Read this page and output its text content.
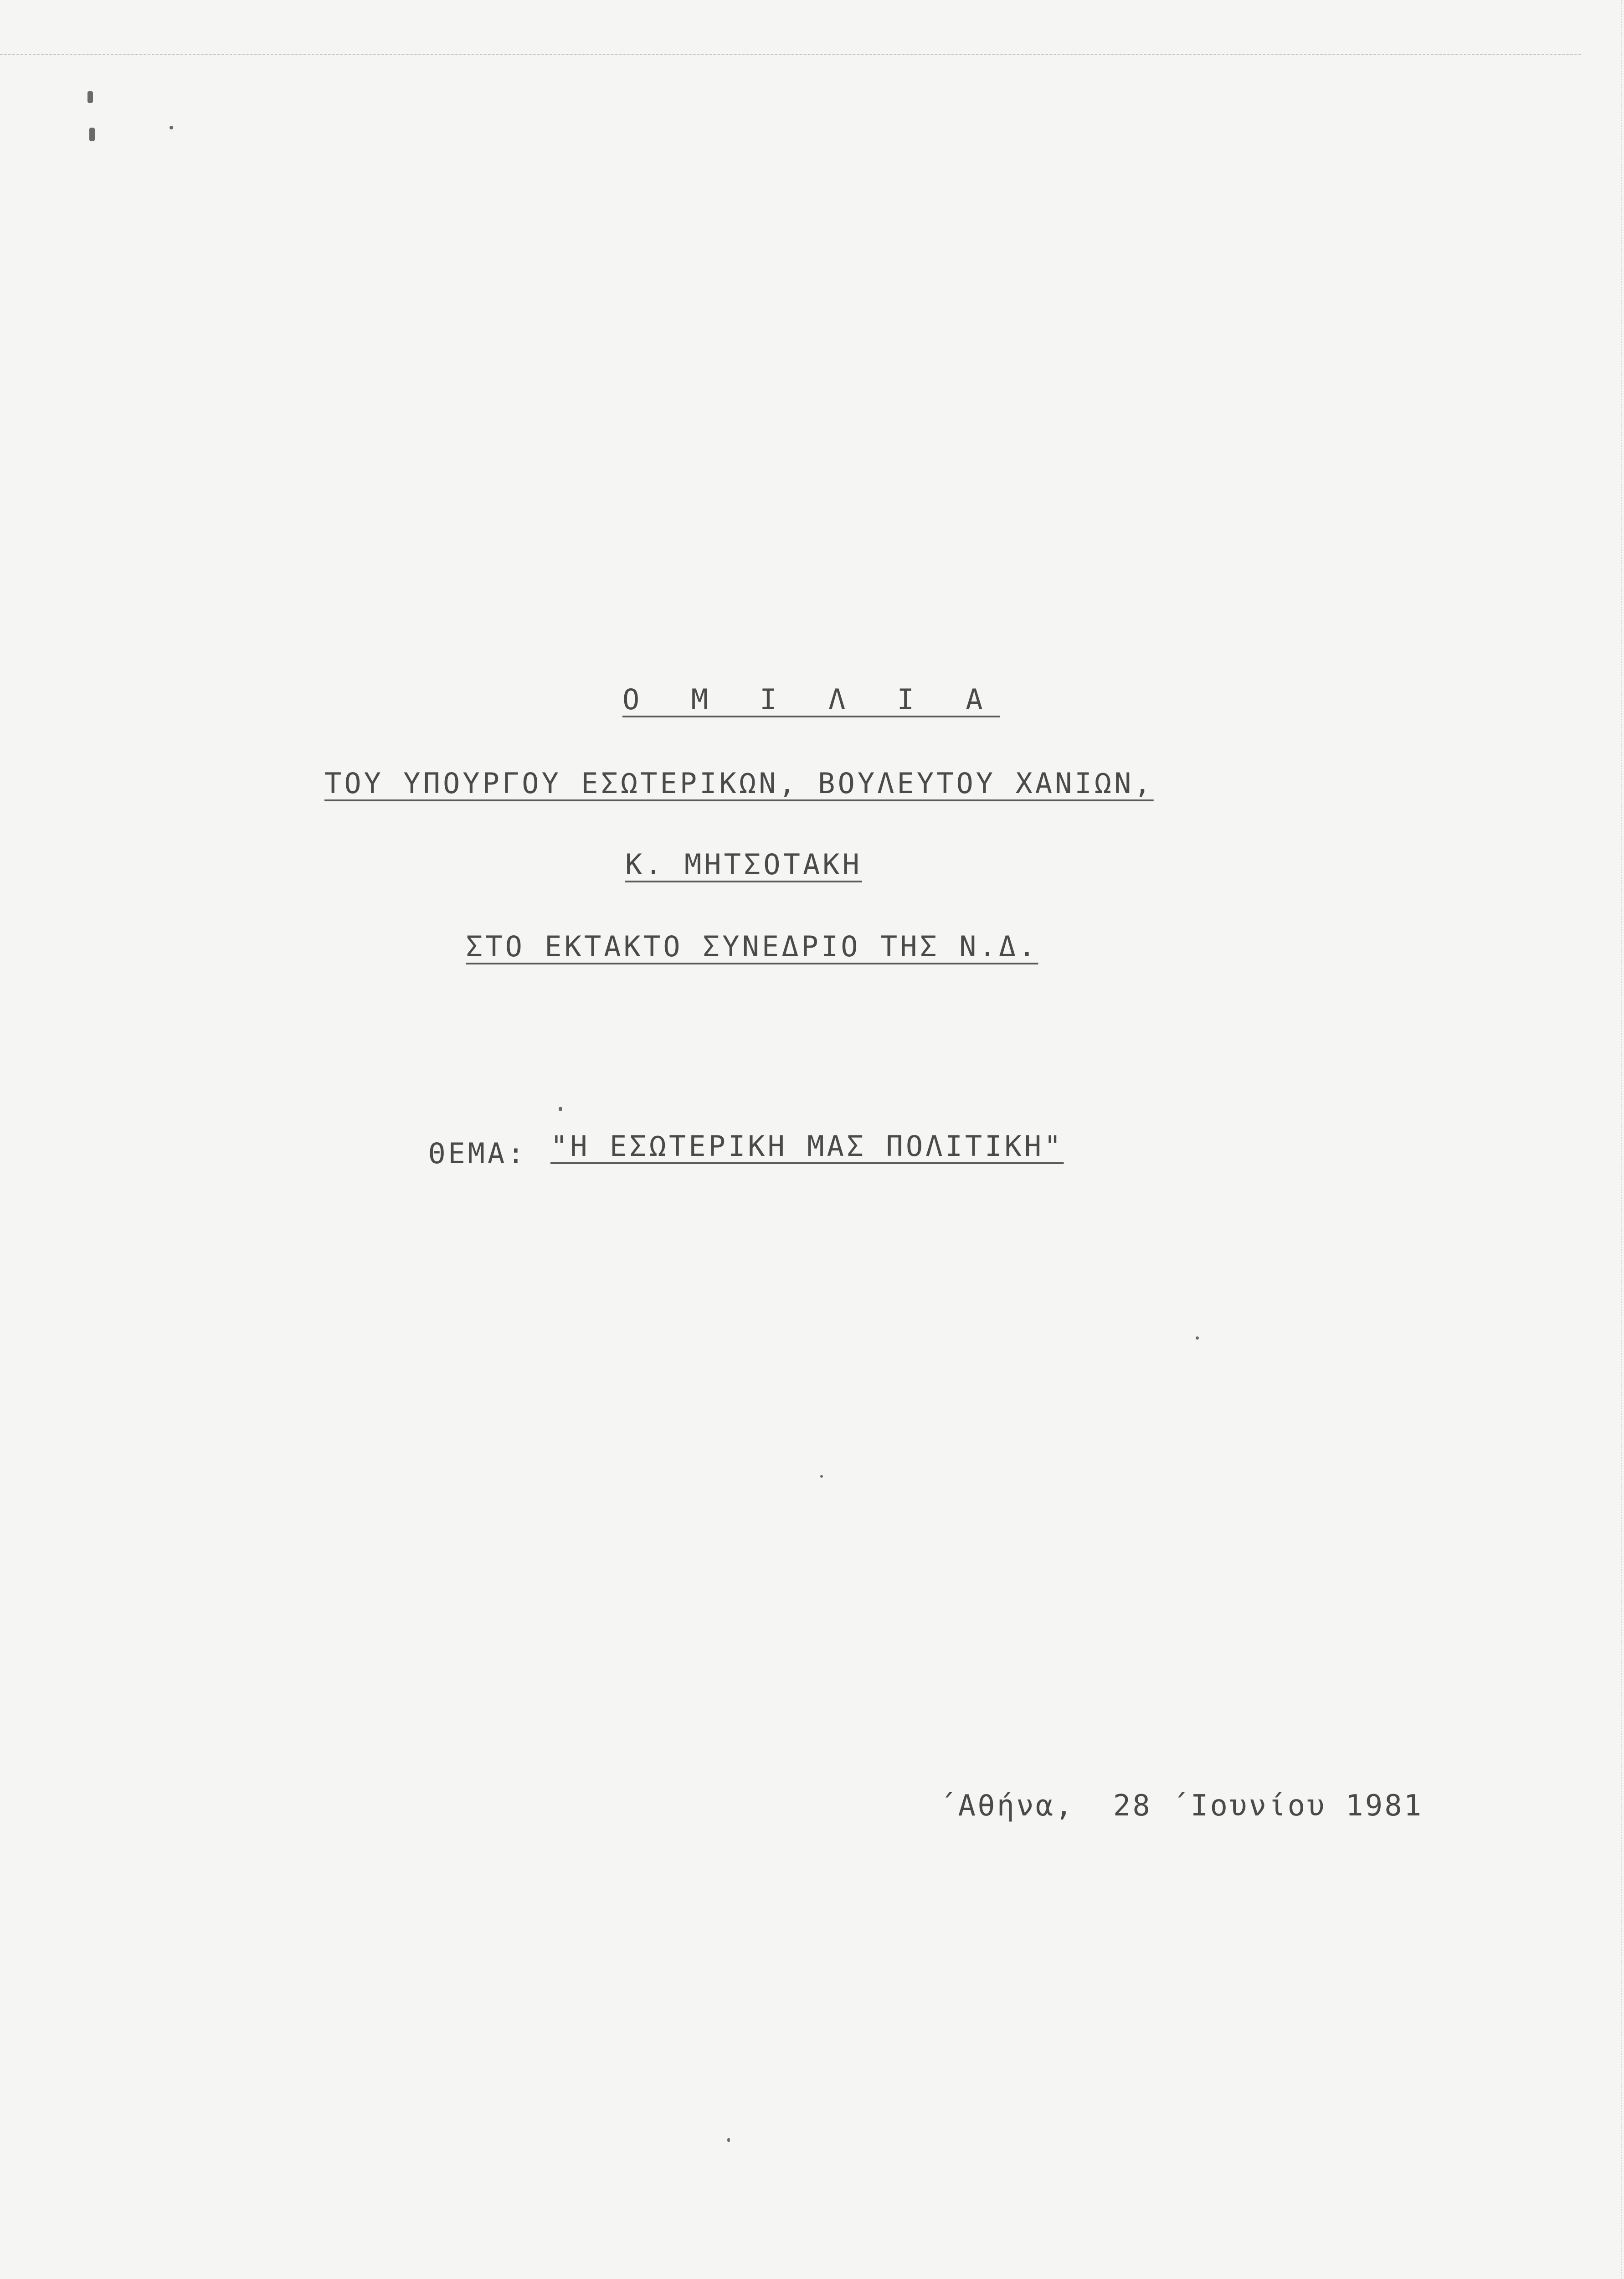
Ο Μ Ι Λ Ι Α
ΤΟΥ ΥΠΟΥΡΓΟΥ ΕΣΩΤΕΡΙΚΩΝ, ΒΟΥΛΕΥΤΟΥ ΧΑΝΙΩΝ,
Κ. ΜΗΤΣΟΤΑΚΗ
ΣΤΟ ΕΚΤΑΚΤΟ ΣΥΝΕΔΡΙΟ ΤΗΣ Ν.Δ.
ΘΕΜΑ: "Η ΕΣΩΤΕΡΙΚΗ ΜΑΣ ΠΟΛΙΤΙΚΗ"
΄Αθήνα,  28 ΄Ιουνίου 1981
